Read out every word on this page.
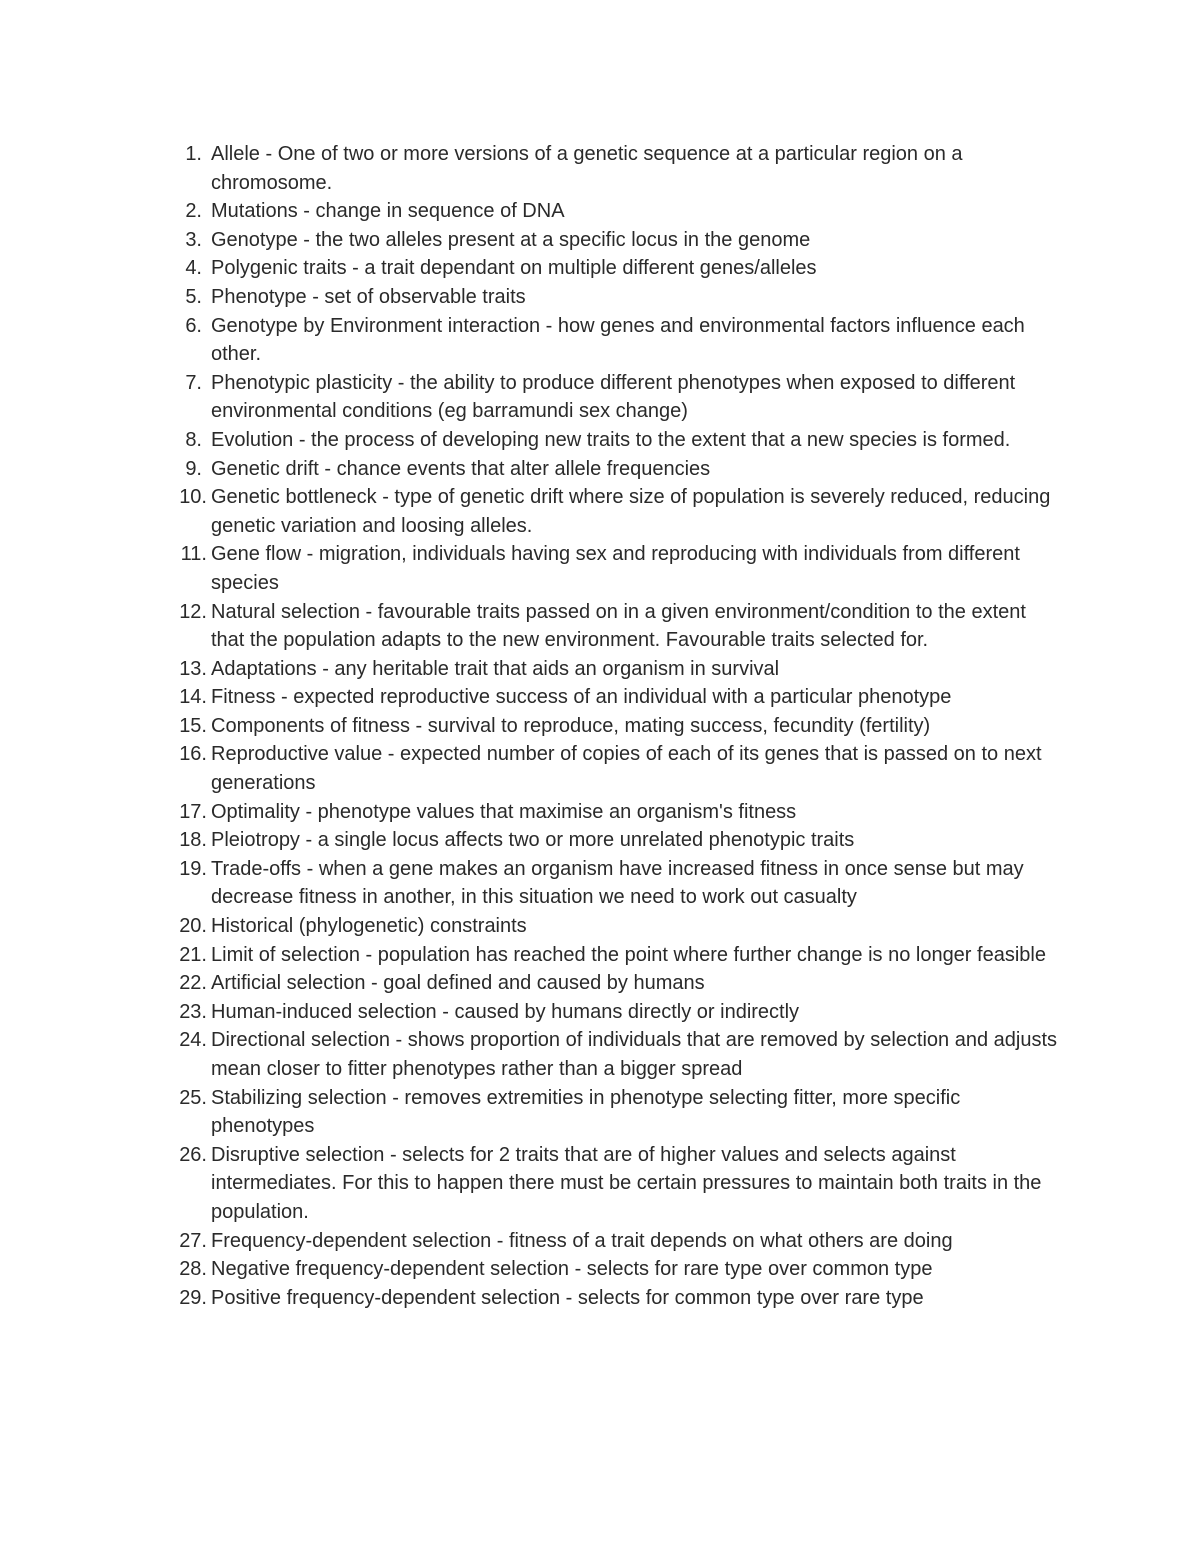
1. Allele - One of two or more versions of a genetic sequence at a particular region on a chromosome.
2. Mutations - change in sequence of DNA
3. Genotype - the two alleles present at a specific locus in the genome
4. Polygenic traits - a trait dependant on multiple different genes/alleles
5. Phenotype - set of observable traits
6. Genotype by Environment interaction - how genes and environmental factors influence each other.
7. Phenotypic plasticity - the ability to produce different phenotypes when exposed to different environmental conditions (eg barramundi sex change)
8. Evolution - the process of developing new traits to the extent that a new species is formed.
9. Genetic drift - chance events that alter allele frequencies
10. Genetic bottleneck - type of genetic drift where size of population is severely reduced, reducing genetic variation and loosing alleles.
11. Gene flow - migration, individuals having sex and reproducing with individuals from different species
12. Natural selection - favourable traits passed on in a given environment/condition to the extent that the population adapts to the new environment. Favourable traits selected for.
13. Adaptations - any heritable trait that aids an organism in survival
14. Fitness - expected reproductive success of an individual with a particular phenotype
15. Components of fitness - survival to reproduce, mating success, fecundity (fertility)
16. Reproductive value - expected number of copies of each of its genes that is passed on to next generations
17. Optimality - phenotype values that maximise an organism's fitness
18. Pleiotropy - a single locus affects two or more unrelated phenotypic traits
19. Trade-offs - when a gene makes an organism have increased fitness in once sense but may decrease fitness in another, in this situation we need to work out casualty
20. Historical (phylogenetic) constraints
21. Limit of selection - population has reached the point where further change is no longer feasible
22. Artificial selection - goal defined and caused by humans
23. Human-induced selection - caused by humans directly or indirectly
24. Directional selection - shows proportion of individuals that are removed by selection and adjusts mean closer to fitter phenotypes rather than a bigger spread
25. Stabilizing selection - removes extremities in phenotype selecting fitter, more specific phenotypes
26. Disruptive selection - selects for 2 traits that are of higher values and selects against intermediates. For this to happen there must be certain pressures to maintain both traits in the population.
27. Frequency-dependent selection - fitness of a trait depends on what others are doing
28. Negative frequency-dependent selection - selects for rare type over common type
29. Positive frequency-dependent selection - selects for common type over rare type
